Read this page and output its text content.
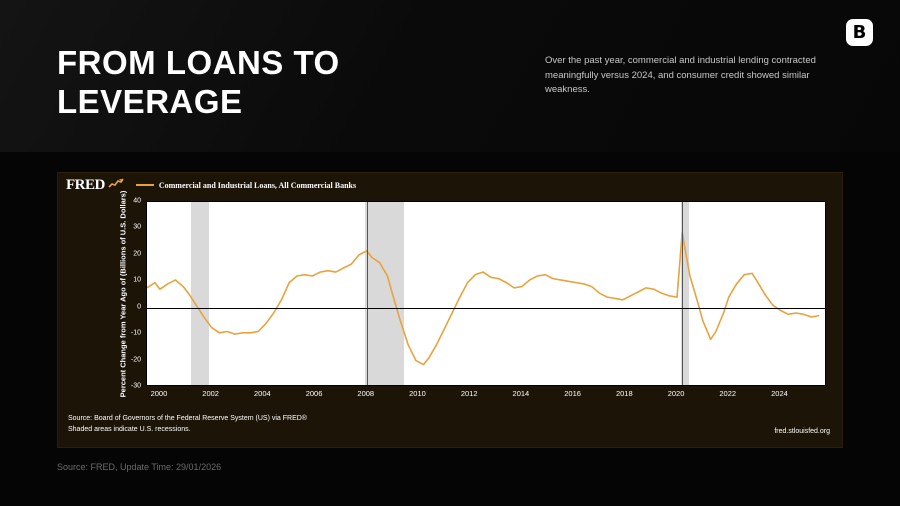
FROM LOANS TO LEVERAGE
Over the past year, commercial and industrial lending contracted meaningfully versus 2024, and consumer credit showed similar weakness.
B
FRED	Commercial and Industrial Loans, All Commercial Banks
Percent Change from Year Ago of (Billions of U.S. Dollars) -30
-20
-10
0
10
20
30
40
2000	2002	2004	2006	2008	2010	2012	2014	2016	2018	2020	2022	2024
Source: Board of Governors of the Federal Reserve System (US) via FRED®
Shaded areas indicate U.S. recessions.	fred.stlouisfed.org
Source: FRED, Update Time: 29/01/2026
